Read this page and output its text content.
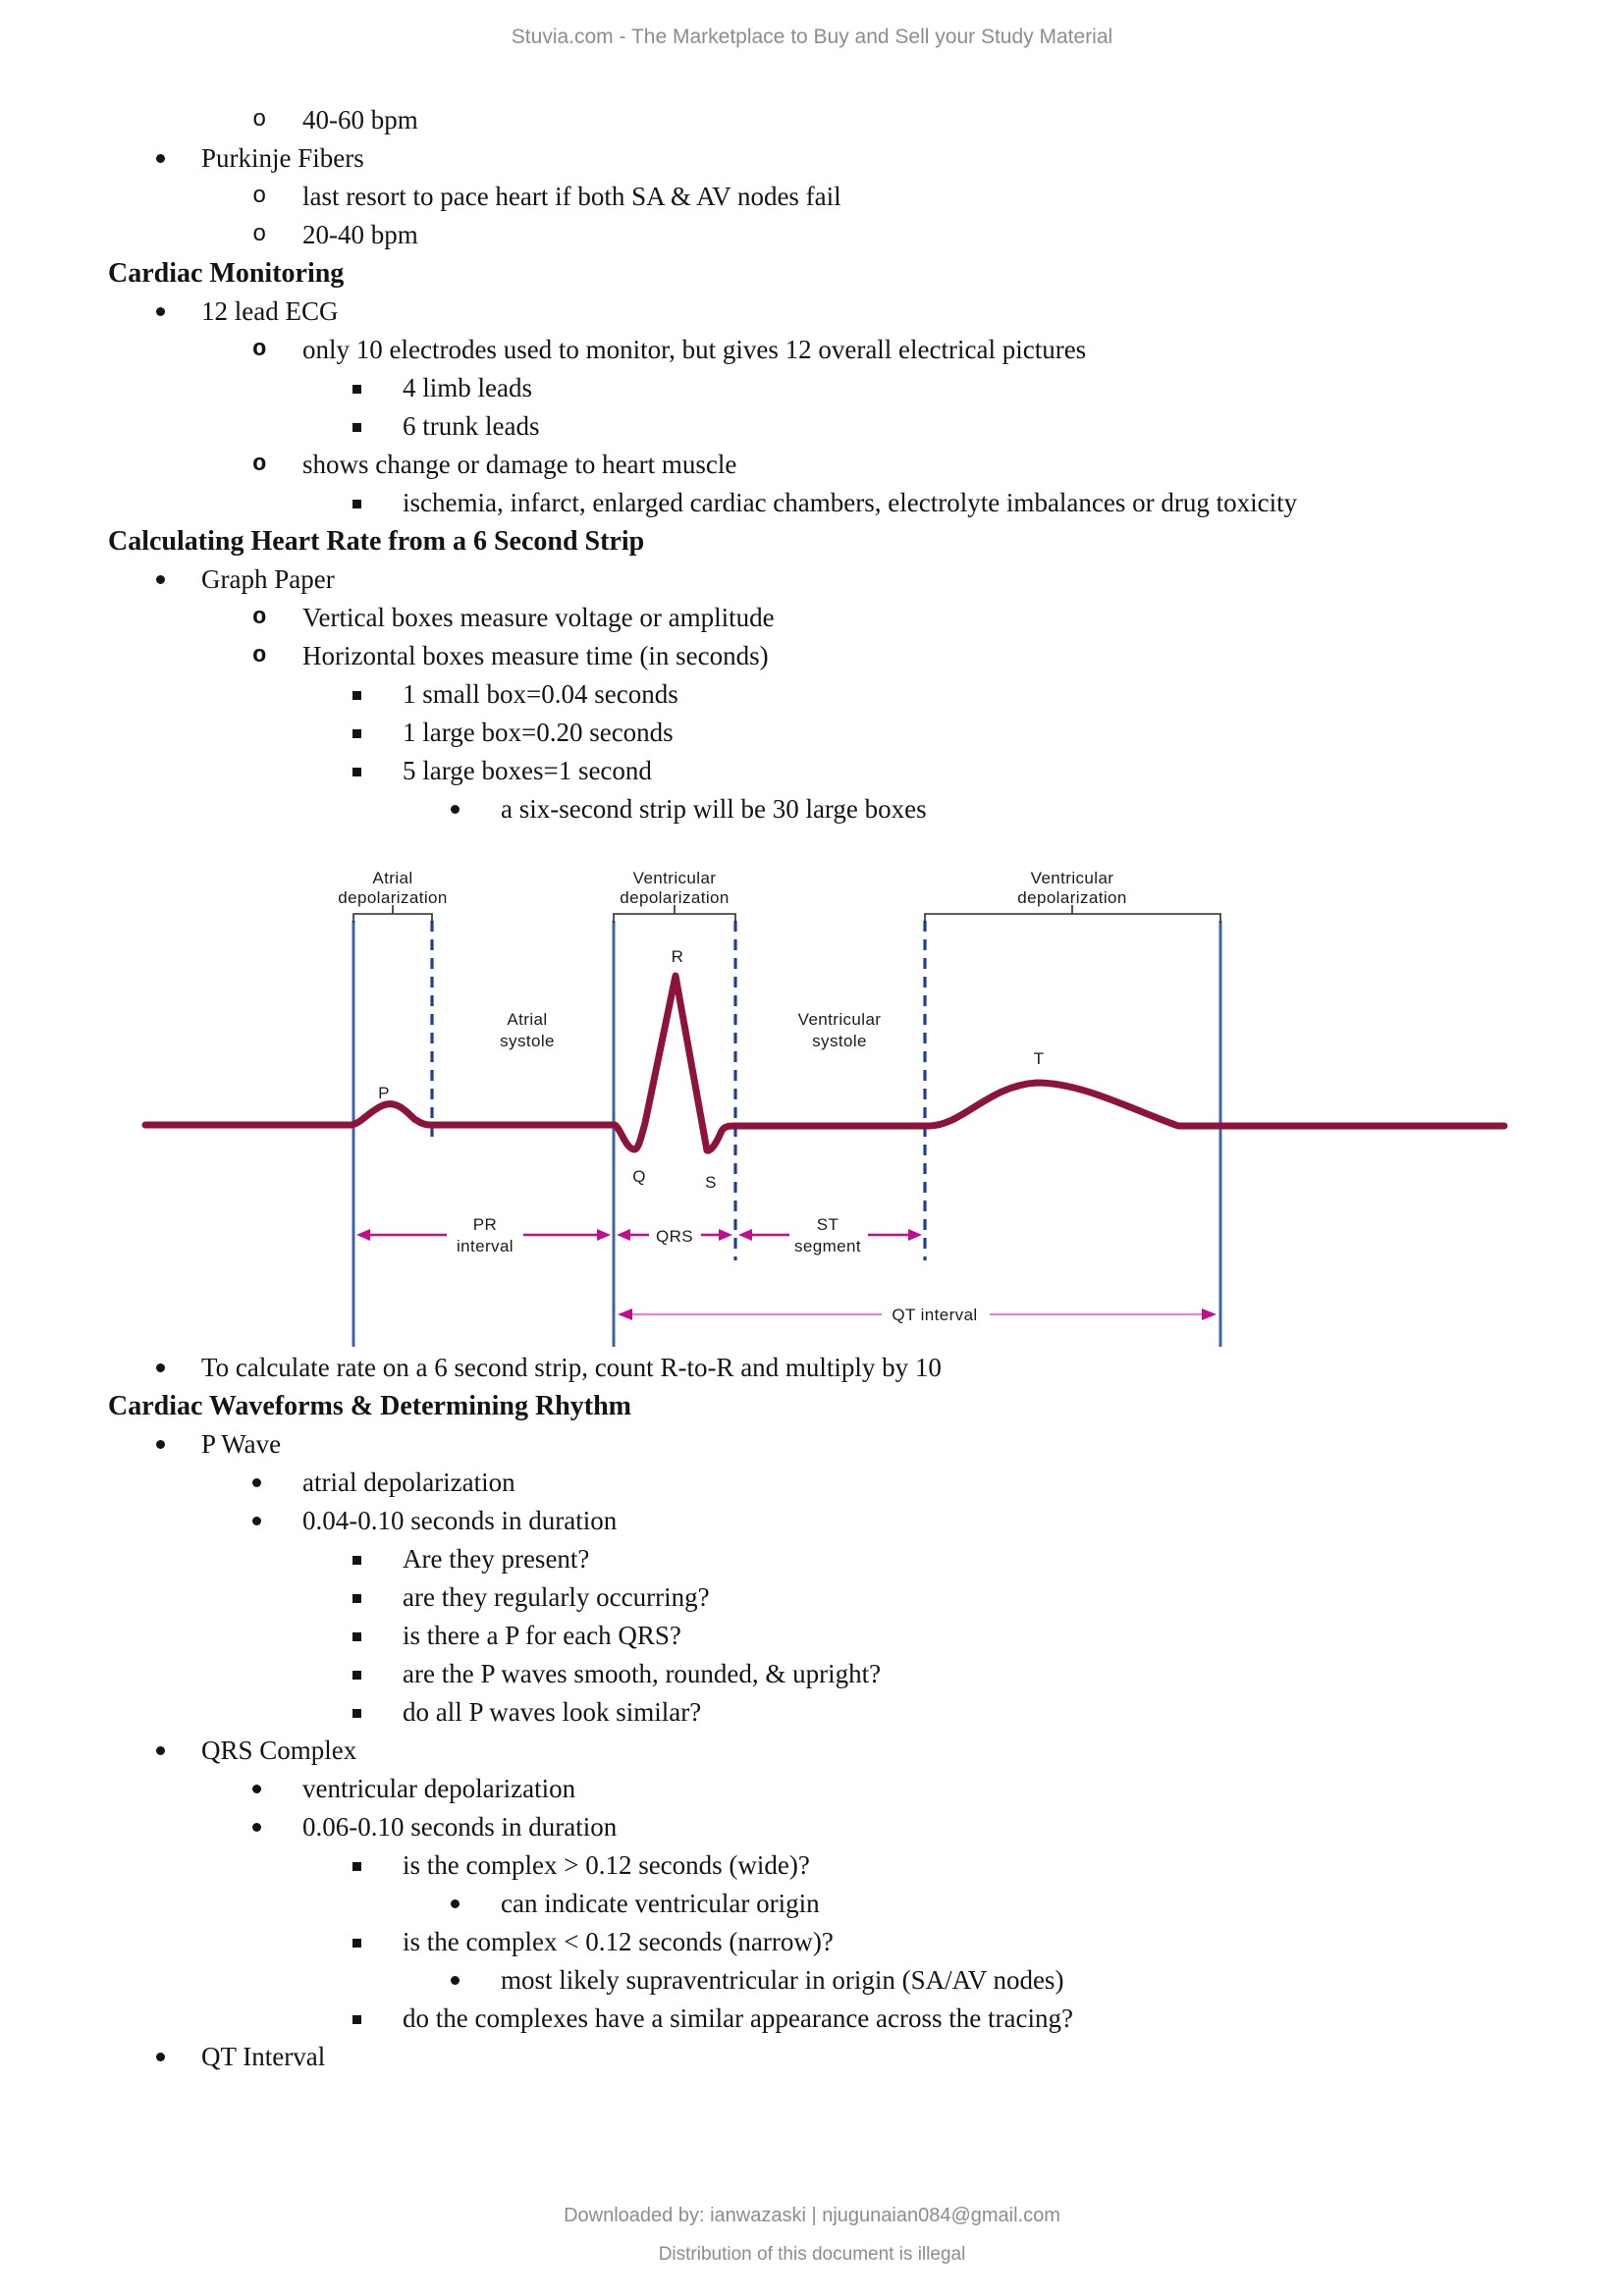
Stuvia.com - The Marketplace to Buy and Sell your Study Material
o 40-60 bpm
Purkinje Fibers
o last resort to pace heart if both SA & AV nodes fail
o 20-40 bpm
Cardiac Monitoring
12 lead ECG
o only 10 electrodes used to monitor, but gives 12 overall electrical pictures
4 limb leads
6 trunk leads
o shows change or damage to heart muscle
ischemia, infarct, enlarged cardiac chambers, electrolyte imbalances or drug toxicity
Calculating Heart Rate from a 6 Second Strip
Graph Paper
o Vertical boxes measure voltage or amplitude
o Horizontal boxes measure time (in seconds)
1 small box=0.04 seconds
1 large box=0.20 seconds
5 large boxes=1 second
a six-second strip will be 30 large boxes
Atrial
depolarization
Ventricular
depolarization
Ventricular
depolarization
Atrial
systole
Ventricular
systole
P
R
Q	S
T
PR
interval
QRS
ST
segment
QT interval
To calculate rate on a 6 second strip, count R-to-R and multiply by 10
Cardiac Waveforms & Determining Rhythm
P Wave
atrial depolarization
0.04-0.10 seconds in duration
Are they present?
are they regularly occurring?
is there a P for each QRS?
are the P waves smooth, rounded, & upright?
do all P waves look similar?
QRS Complex
ventricular depolarization
0.06-0.10 seconds in duration
is the complex > 0.12 seconds (wide)?
can indicate ventricular origin
is the complex < 0.12 seconds (narrow)?
most likely supraventricular in origin (SA/AV nodes)
do the complexes have a similar appearance across the tracing?
QT Interval
Downloaded by: ianwazaski | njugunaian084@gmail.com
Distribution of this document is illegal
